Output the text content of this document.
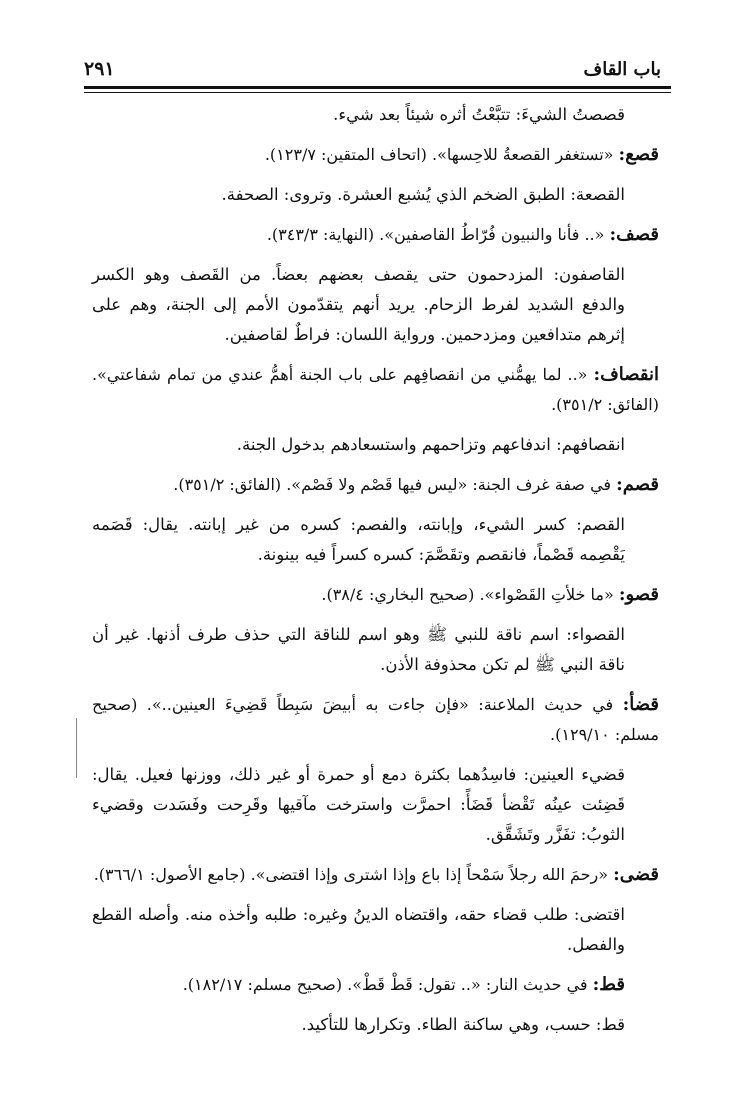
باب القاف
٢٩١

قصصتُ الشيءَ: تتبَّعْتُ أثره شيئاً بعد شيء.

قصع: «تستغفر القصعةُ للاحِسها». (اتحاف المتقين: ١٢٣/٧).

القصعة: الطبق الضخم الذي يُشبع العشرة. وتروى: الصحفة.

قصف: «.. فأنا والنبيون فُرّاطُ القاصفين». (النهاية: ٣٤٣/٣).

القاصفون: المزدحمون حتى يقصف بعضهم بعضاً. من القَصف وهو الكسر والدفع الشديد لفرط الزحام. يريد أنهم يتقدّمون الأمم إلى الجنة، وهم على إثرهم متدافعين ومزدحمين. ورواية اللسان: فراطٌ لقاصفين.

انقصاف: «.. لما يهمُّني من انقصافِهم على باب الجنة أهمُّ عندي من تمام شفاعتي». (الفائق: ٣٥١/٢).

انقصافهم: اندفاعهم وتزاحمهم واستسعادهم بدخول الجنة.

قصم: في صفة غرف الجنة: «ليس فيها قَصْم ولا فَصْم». (الفائق: ٣٥١/٢).

القصم: كسر الشيء، وإبانته، والفصم: كسره من غير إبانته. يقال: قَصَمه يَقْصِمه قَصْماً، فانقصم وتقَصَّمَ: كسره كسراً فيه بينونة.

قصو: «ما خلأتِ القَصْواء». (صحيح البخاري: ٣٨/٤).

القصواء: اسم ناقة للنبي ﷺ وهو اسم للناقة التي حذف طرف أذنها. غير أن ناقة النبي ﷺ لم تكن محذوفة الأذن.

قضأ: في حديث الملاعنة: «فإن جاءت به أبيضَ سَبِطاً قَضِيءَ العينين..». (صحيح مسلم: ١٢٩/١٠).

قضيء العينين: فاسِدُهما بكثرة دمع أو حمرة أو غير ذلك، ووزنها فعيل. يقال: قَضِئت عينُه تَقْضأ قَضَأً: احمرَّت واسترخت مآقيها وقَرِحت وفَسَدت وقضيء الثوبُ: تفَزَّر وتَشَقَّق.

قضى: «رحمَ الله رجلاً سَمْحاً إذا باع وإذا اشترى وإذا اقتضى». (جامع الأصول: ٣٦٦/١).

اقتضى: طلب قضاء حقه، واقتضاه الدينُ وغيره: طلبه وأخذه منه. وأصله القطع والفصل.

قط: في حديث النار: «.. تقول: قَطْ قَطْ». (صحيح مسلم: ١٨٢/١٧).

قط: حسب، وهي ساكنة الطاء. وتكرارها للتأكيد.
